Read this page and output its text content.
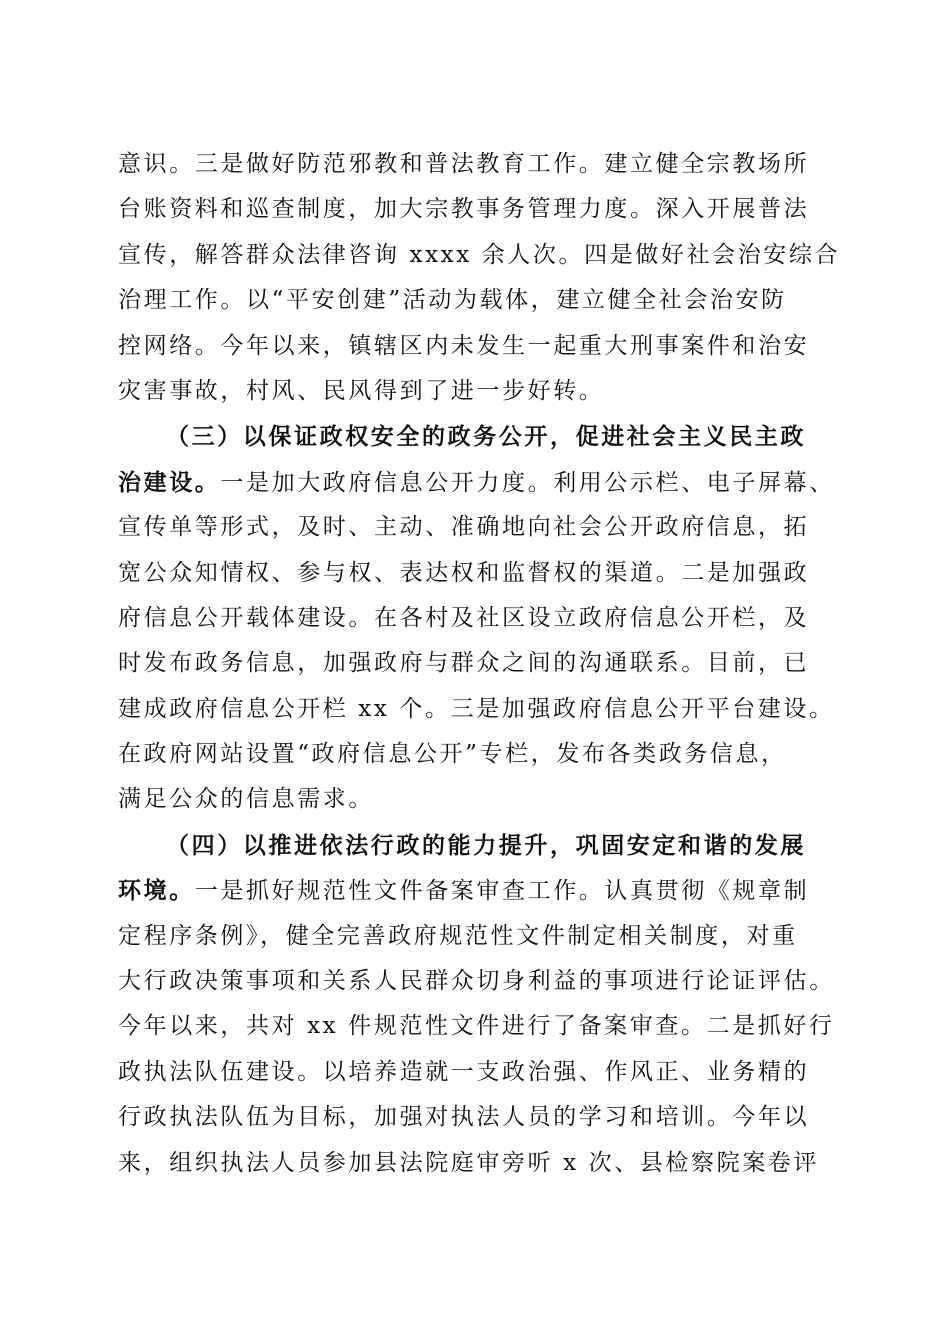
意识。三是做好防范邪教和普法教育工作。建立健全宗教场所
台账资料和巡查制度，加大宗教事务管理力度。深入开展普法
宣传，解答群众法律咨询 xxxx 余人次。四是做好社会治安综合
治理工作。以“平安创建”活动为载体，建立健全社会治安防
控网络。今年以来，镇辖区内未发生一起重大刑事案件和治安
灾害事故，村风、民风得到了进一步好转。
（三）以保证政权安全的政务公开，促进社会主义民主政
治建设。一是加大政府信息公开力度。利用公示栏、电子屏幕、
宣传单等形式，及时、主动、准确地向社会公开政府信息，拓
宽公众知情权、参与权、表达权和监督权的渠道。二是加强政
府信息公开载体建设。在各村及社区设立政府信息公开栏，及
时发布政务信息，加强政府与群众之间的沟通联系。目前，已
建成政府信息公开栏 xx 个。三是加强政府信息公开平台建设。
在政府网站设置“政府信息公开”专栏，发布各类政务信息，
满足公众的信息需求。
（四）以推进依法行政的能力提升，巩固安定和谐的发展
环境。一是抓好规范性文件备案审查工作。认真贯彻《规章制
定程序条例》，健全完善政府规范性文件制定相关制度，对重
大行政决策事项和关系人民群众切身利益的事项进行论证评估。
今年以来，共对 xx 件规范性文件进行了备案审查。二是抓好行
政执法队伍建设。以培养造就一支政治强、作风正、业务精的
行政执法队伍为目标，加强对执法人员的学习和培训。今年以
来，组织执法人员参加县法院庭审旁听 x 次、县检察院案卷评
